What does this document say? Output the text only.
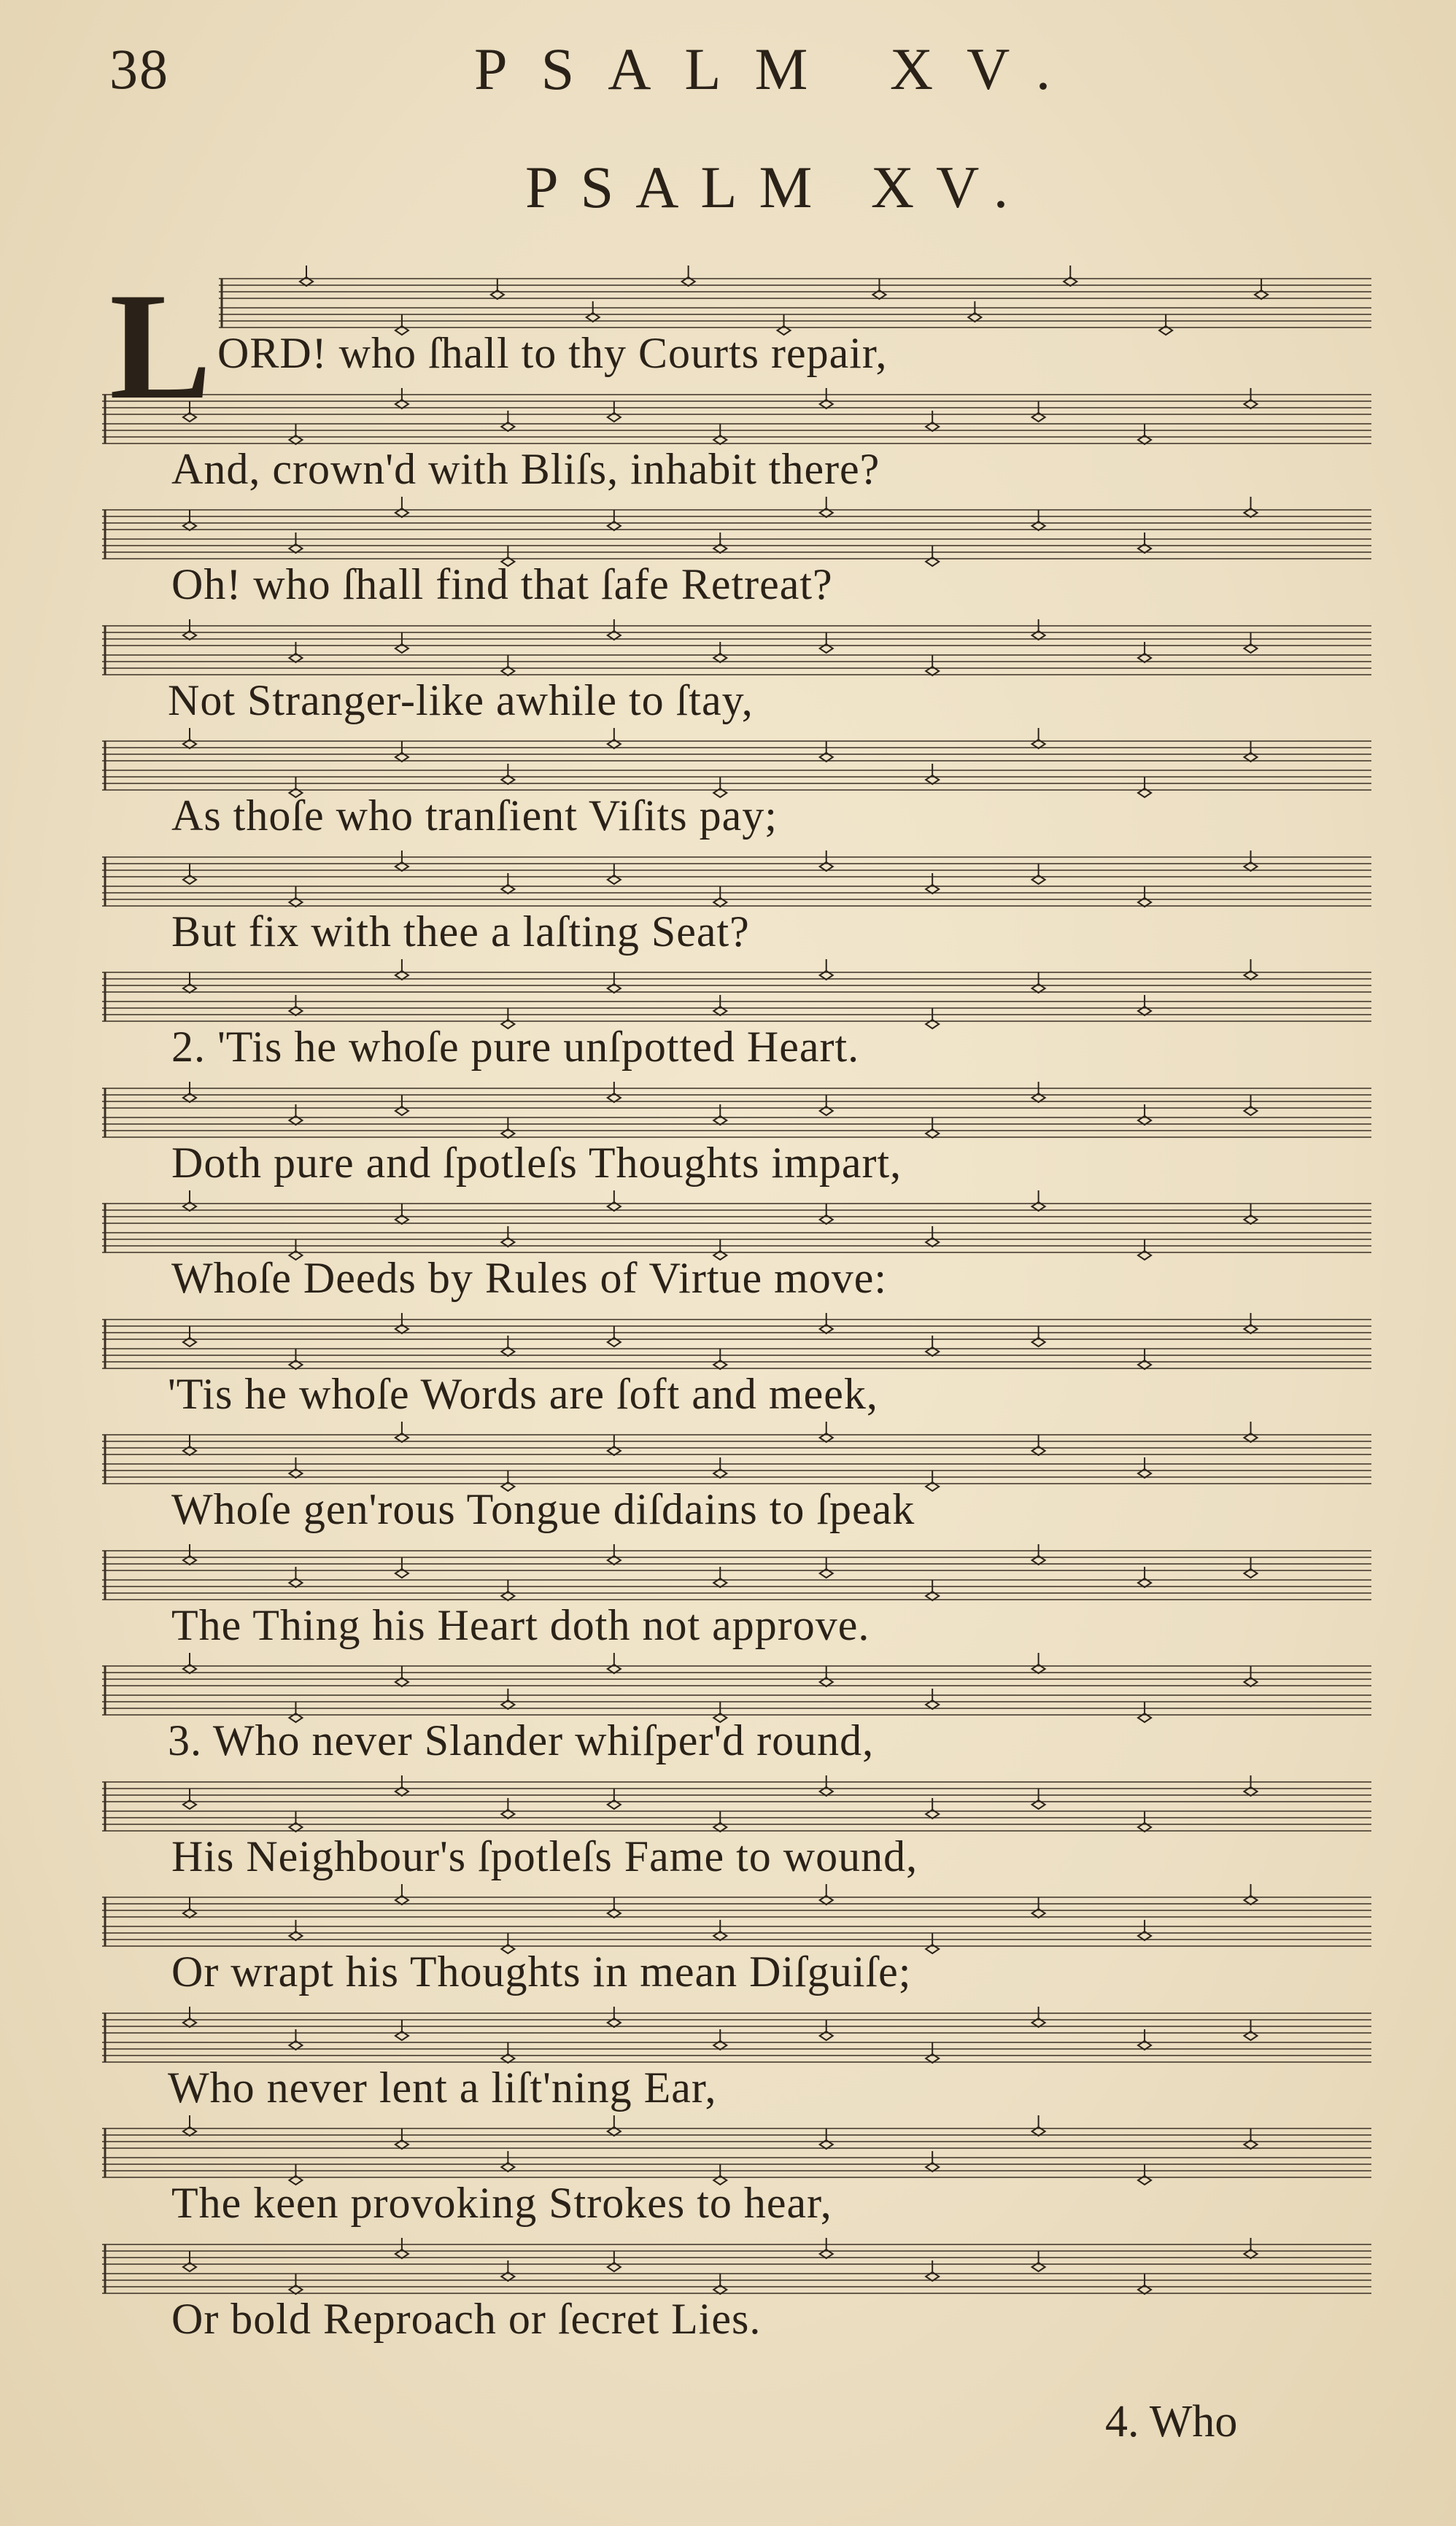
38	PSALM XV.
PSALM XV.
ORD! who ſhall to thy Courts repair,
And, crown'd with Bliſs, inhabit there?
Oh! who ſhall find that ſafe Retreat?
Not Stranger-like awhile to ſtay,
As thoſe who tranſient Viſits pay;
But fix with thee a laſting Seat?
2. 'Tis he whoſe pure unſpotted Heart.
Doth pure and ſpotleſs Thoughts impart,
Whoſe Deeds by Rules of Virtue move:
'Tis he whoſe Words are ſoft and meek,
Whoſe gen'rous Tongue diſdains to ſpeak
The Thing his Heart doth not approve.
3. Who never Slander whiſper'd round,
His Neighbour's ſpotleſs Fame to wound,
Or wrapt his Thoughts in mean Diſguiſe;
Who never lent a liſt'ning Ear,
The keen provoking Strokes to hear,
Or bold Reproach or ſecret Lies.
L
4. Who
